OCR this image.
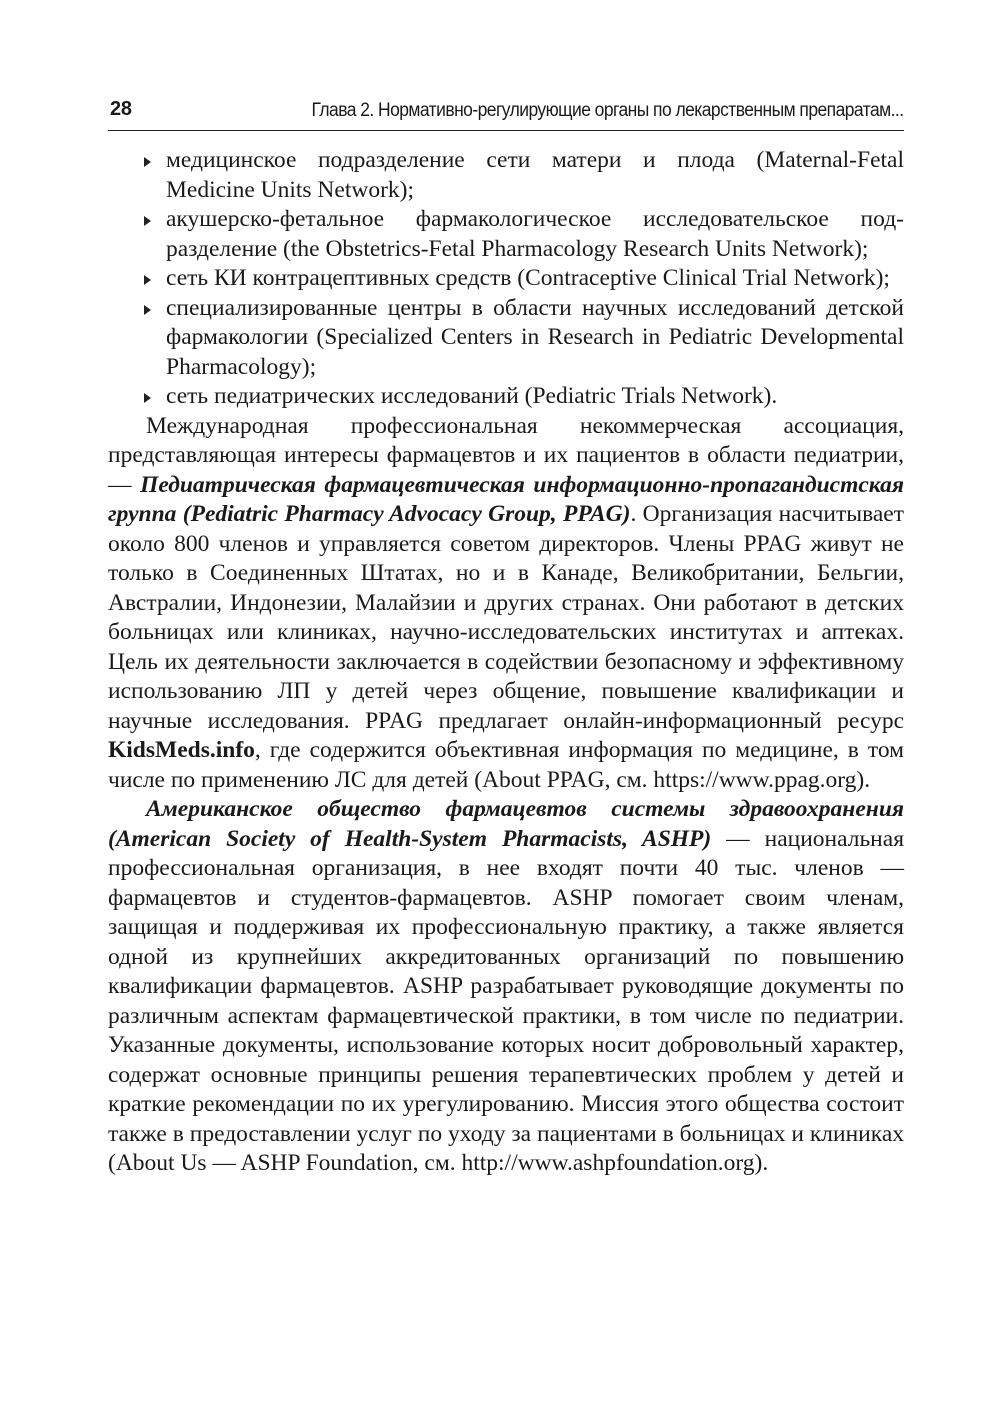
28	Глава 2. Нормативно-регулирующие органы по лекарственным препаратам...
медицинское подразделение сети матери и плода (Maternal-Fetal Medicine Units Network);
акушерско-фетальное фармакологическое исследовательское подразделение (the Obstetrics-Fetal Pharmacology Research Units Network);
сеть КИ контрацептивных средств (Contraceptive Clinical Trial Network);
специализированные центры в области научных исследований детской фармакологии (Specialized Centers in Research in Pediatric Developmental Pharmacology);
сеть педиатрических исследований (Pediatric Trials Network).

Международная профессиональная некоммерческая ассоциация, представляющая интересы фармацевтов и их пациентов в области педиатрии, — Педиатрическая фармацевтическая информационно-пропагандистская группа (Pediatric Pharmacy Advocacy Group, PPAG). Организация насчитывает около 800 членов и управляется советом директоров. Члены PPAG живут не только в Соединенных Штатах, но и в Канаде, Великобритании, Бельгии, Австралии, Индонезии, Малайзии и других странах. Они работают в детских больницах или клиниках, научно-исследовательских институтах и аптеках. Цель их деятельности заключается в содействии безопасному и эффективному использованию ЛП у детей через общение, повышение квалификации и научные исследования. PPAG предлагает онлайн-информационный ресурс KidsMeds.info, где содержится объективная информация по медицине, в том числе по применению ЛС для детей (About PPAG, см. https://www.ppag.org).

Американское общество фармацевтов системы здравоохранения (American Society of Health-System Pharmacists, ASHP) — национальная профессиональная организация, в нее входят почти 40 тыс. членов — фармацевтов и студентов-фармацевтов. ASHP помогает своим членам, защищая и поддерживая их профессиональную практику, а также является одной из крупнейших аккредитованных организаций по повышению квалификации фармацевтов. ASHP разрабатывает руководящие документы по различным аспектам фармацевтической практики, в том числе по педиатрии. Указанные документы, использование которых носит добровольный характер, содержат основные принципы решения терапевтических проблем у детей и краткие рекомендации по их урегулированию. Миссия этого общества состоит также в предоставлении услуг по уходу за пациентами в больницах и клиниках (About Us — ASHP Foundation, см. http://www.ashpfoundation.org).
